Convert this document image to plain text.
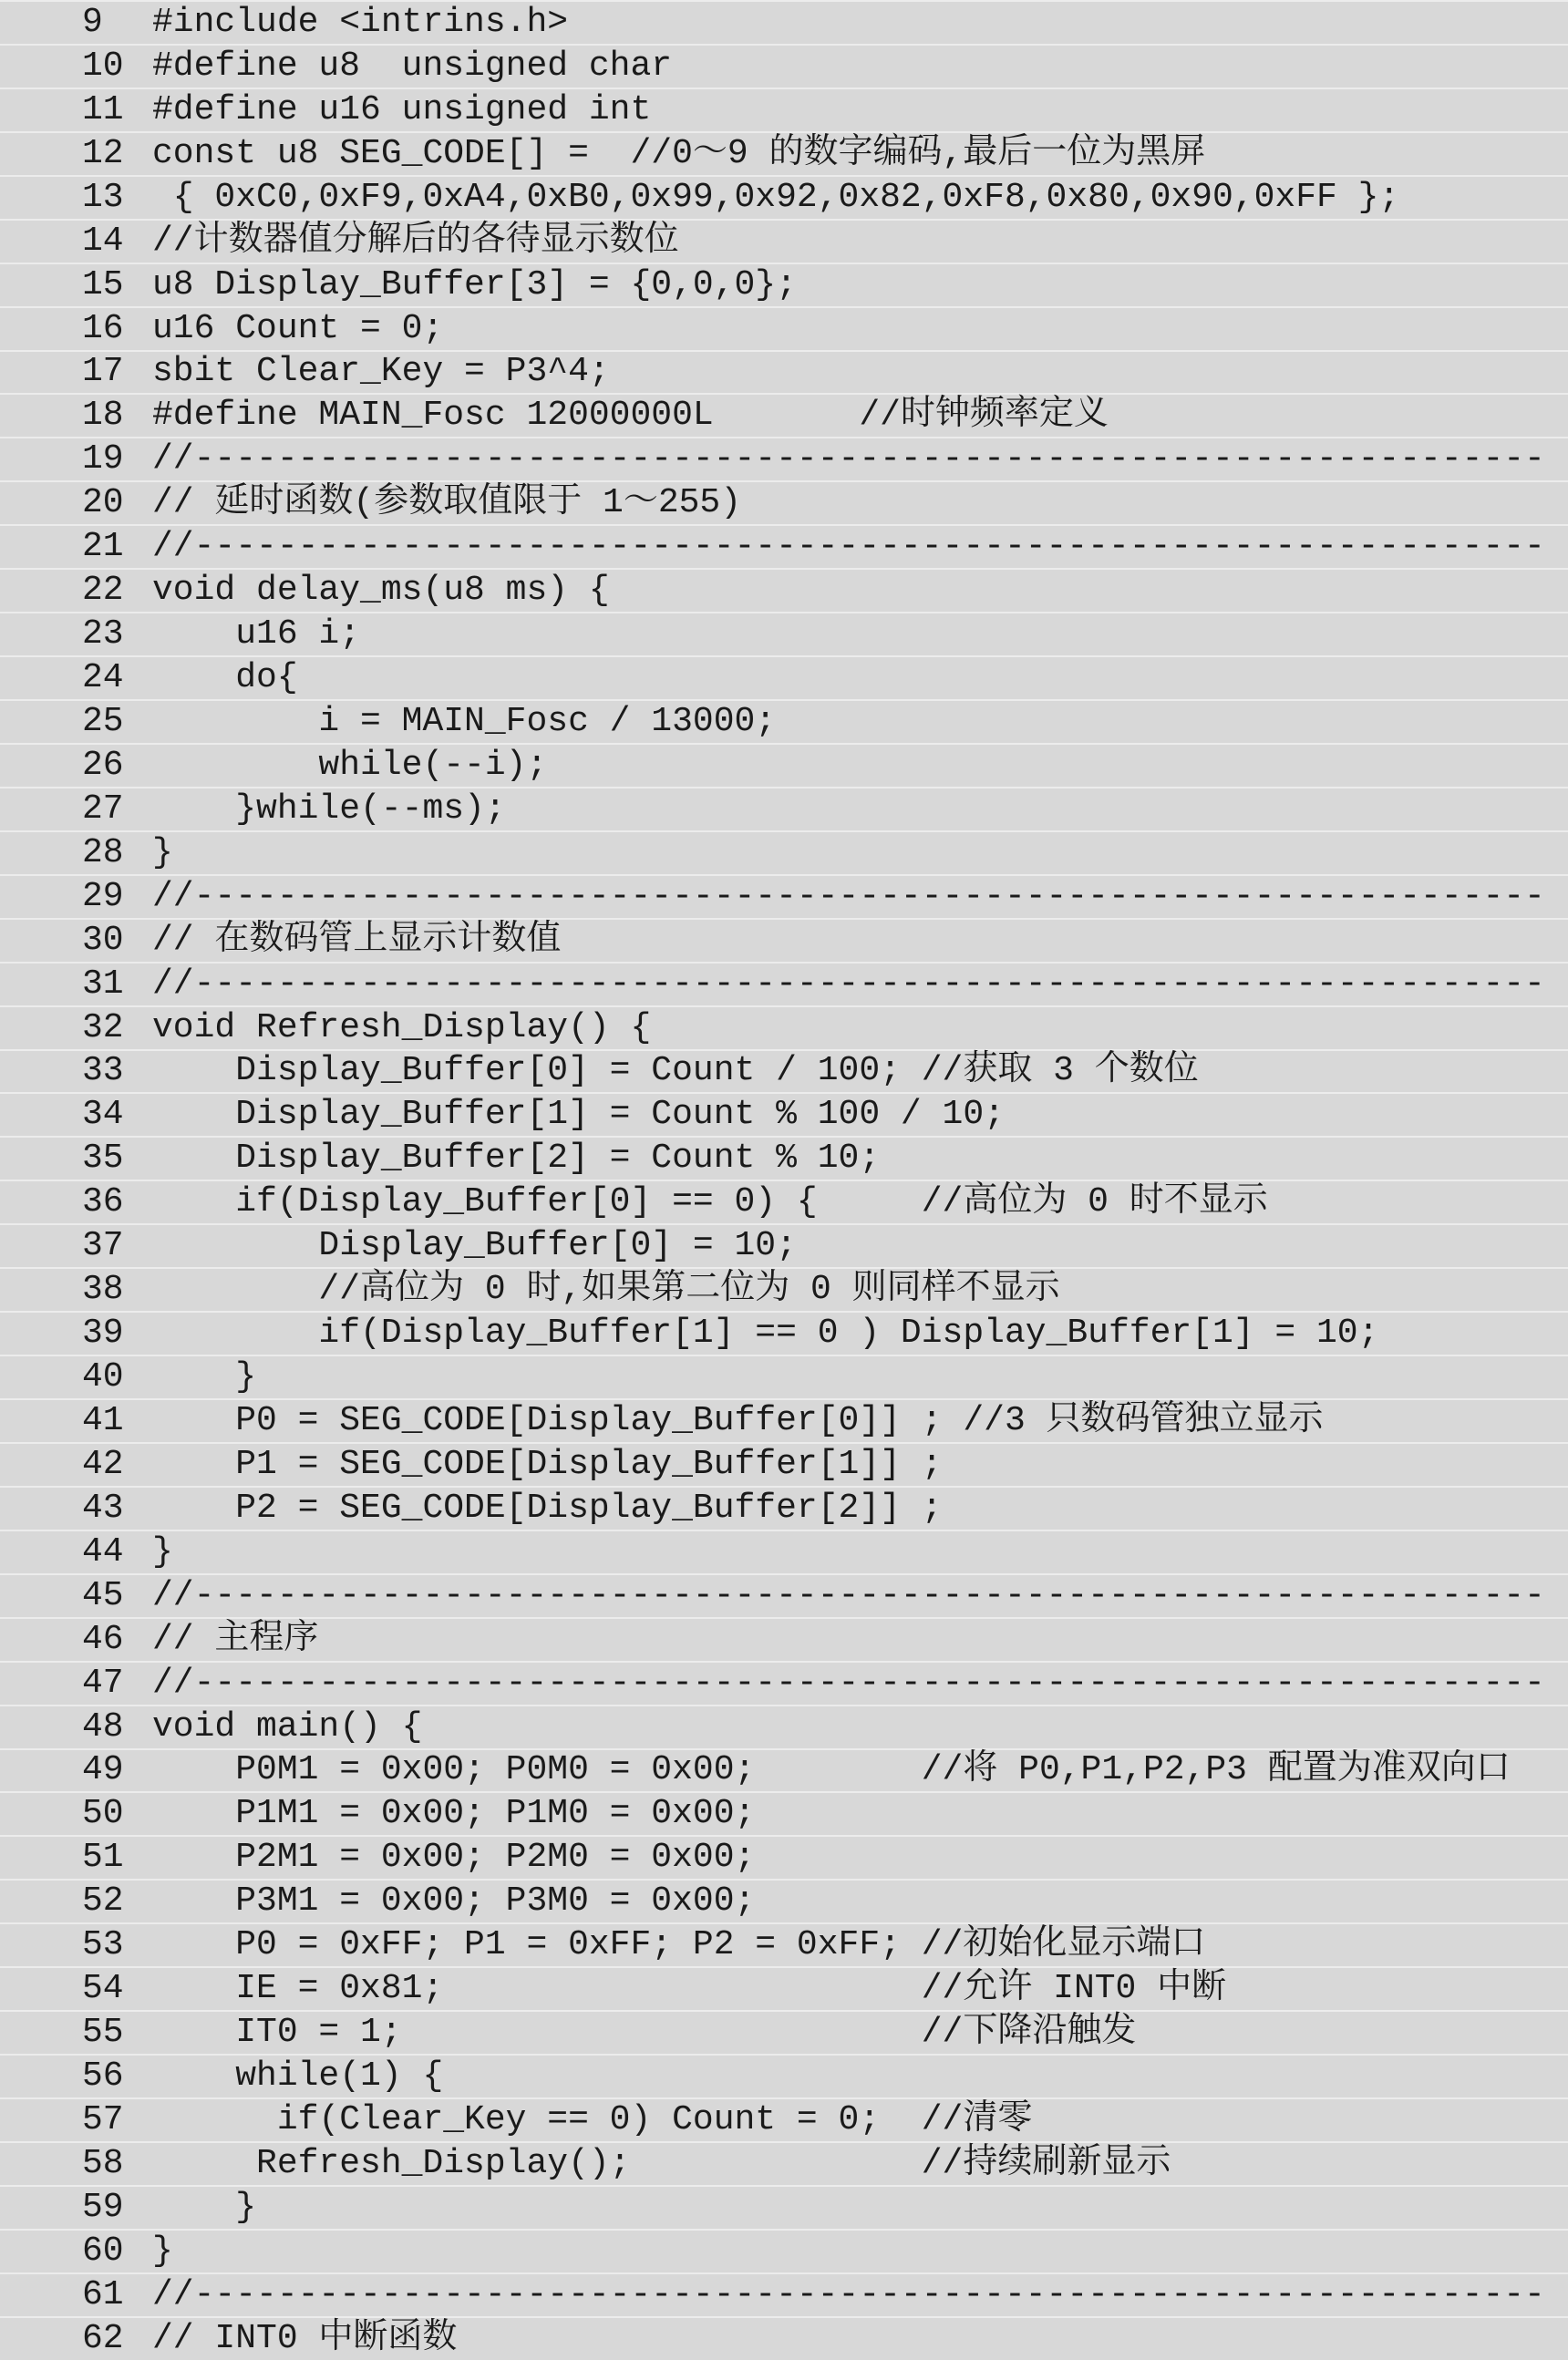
9	#include <intrins.h>
10 #define u8  unsigned char
11 #define u16 unsigned int
12 const u8 SEG_CODE[] =  //0～9 的数字编码,最后一位为黑屏
13 { 0xC0,0xF9,0xA4,0xB0,0x99,0x92,0x82,0xF8,0x80,0x90,0xFF };
14 //计数器值分解后的各待显示数位
15 u8 Display_Buffer[3] = {0,0,0};
16 u16 Count = 0;
17 sbit Clear_Key = P3^4;
18 #define MAIN_Fosc 12000000L       //时钟频率定义
19 //-----------------------------------------------------------------
20 // 延时函数(参数取值限于 1～255)
21 //-----------------------------------------------------------------
22 void delay_ms(u8 ms) {
23 u16 i;
24 do{
25 i = MAIN_Fosc / 13000;
26 while(--i);
27 }while(--ms);
28 }
29 //-----------------------------------------------------------------
30 // 在数码管上显示计数值
31 //-----------------------------------------------------------------
32 void Refresh_Display() {
33 Display_Buffer[0] = Count / 100; //获取 3 个数位
34 Display_Buffer[1] = Count % 100 / 10;
35 Display_Buffer[2] = Count % 10;
36 if(Display_Buffer[0] == 0) {     //高位为 0 时不显示
37 Display_Buffer[0] = 10;
38 //高位为 0 时,如果第二位为 0 则同样不显示
39 if(Display_Buffer[1] == 0 ) Display_Buffer[1] = 10;
40 }
41 P0 = SEG_CODE[Display_Buffer[0]] ; //3 只数码管独立显示
42 P1 = SEG_CODE[Display_Buffer[1]] ;
43 P2 = SEG_CODE[Display_Buffer[2]] ;
44 }
45 //-----------------------------------------------------------------
46 // 主程序
47 //-----------------------------------------------------------------
48 void main() {
49 P0M1 = 0x00; P0M0 = 0x00;        //将 P0,P1,P2,P3 配置为准双向口
50 P1M1 = 0x00; P1M0 = 0x00;
51 P2M1 = 0x00; P2M0 = 0x00;
52 P3M1 = 0x00; P3M0 = 0x00;
53 P0 = 0xFF; P1 = 0xFF; P2 = 0xFF; //初始化显示端口
54 IE = 0x81;                       //允许 INT0 中断
55 IT0 = 1;                         //下降沿触发
56 while(1) {
57 if(Clear_Key == 0) Count = 0;  //清零
58 Refresh_Display();              //持续刷新显示
59 }
60 }
61 //-----------------------------------------------------------------
62 // INT0 中断函数
